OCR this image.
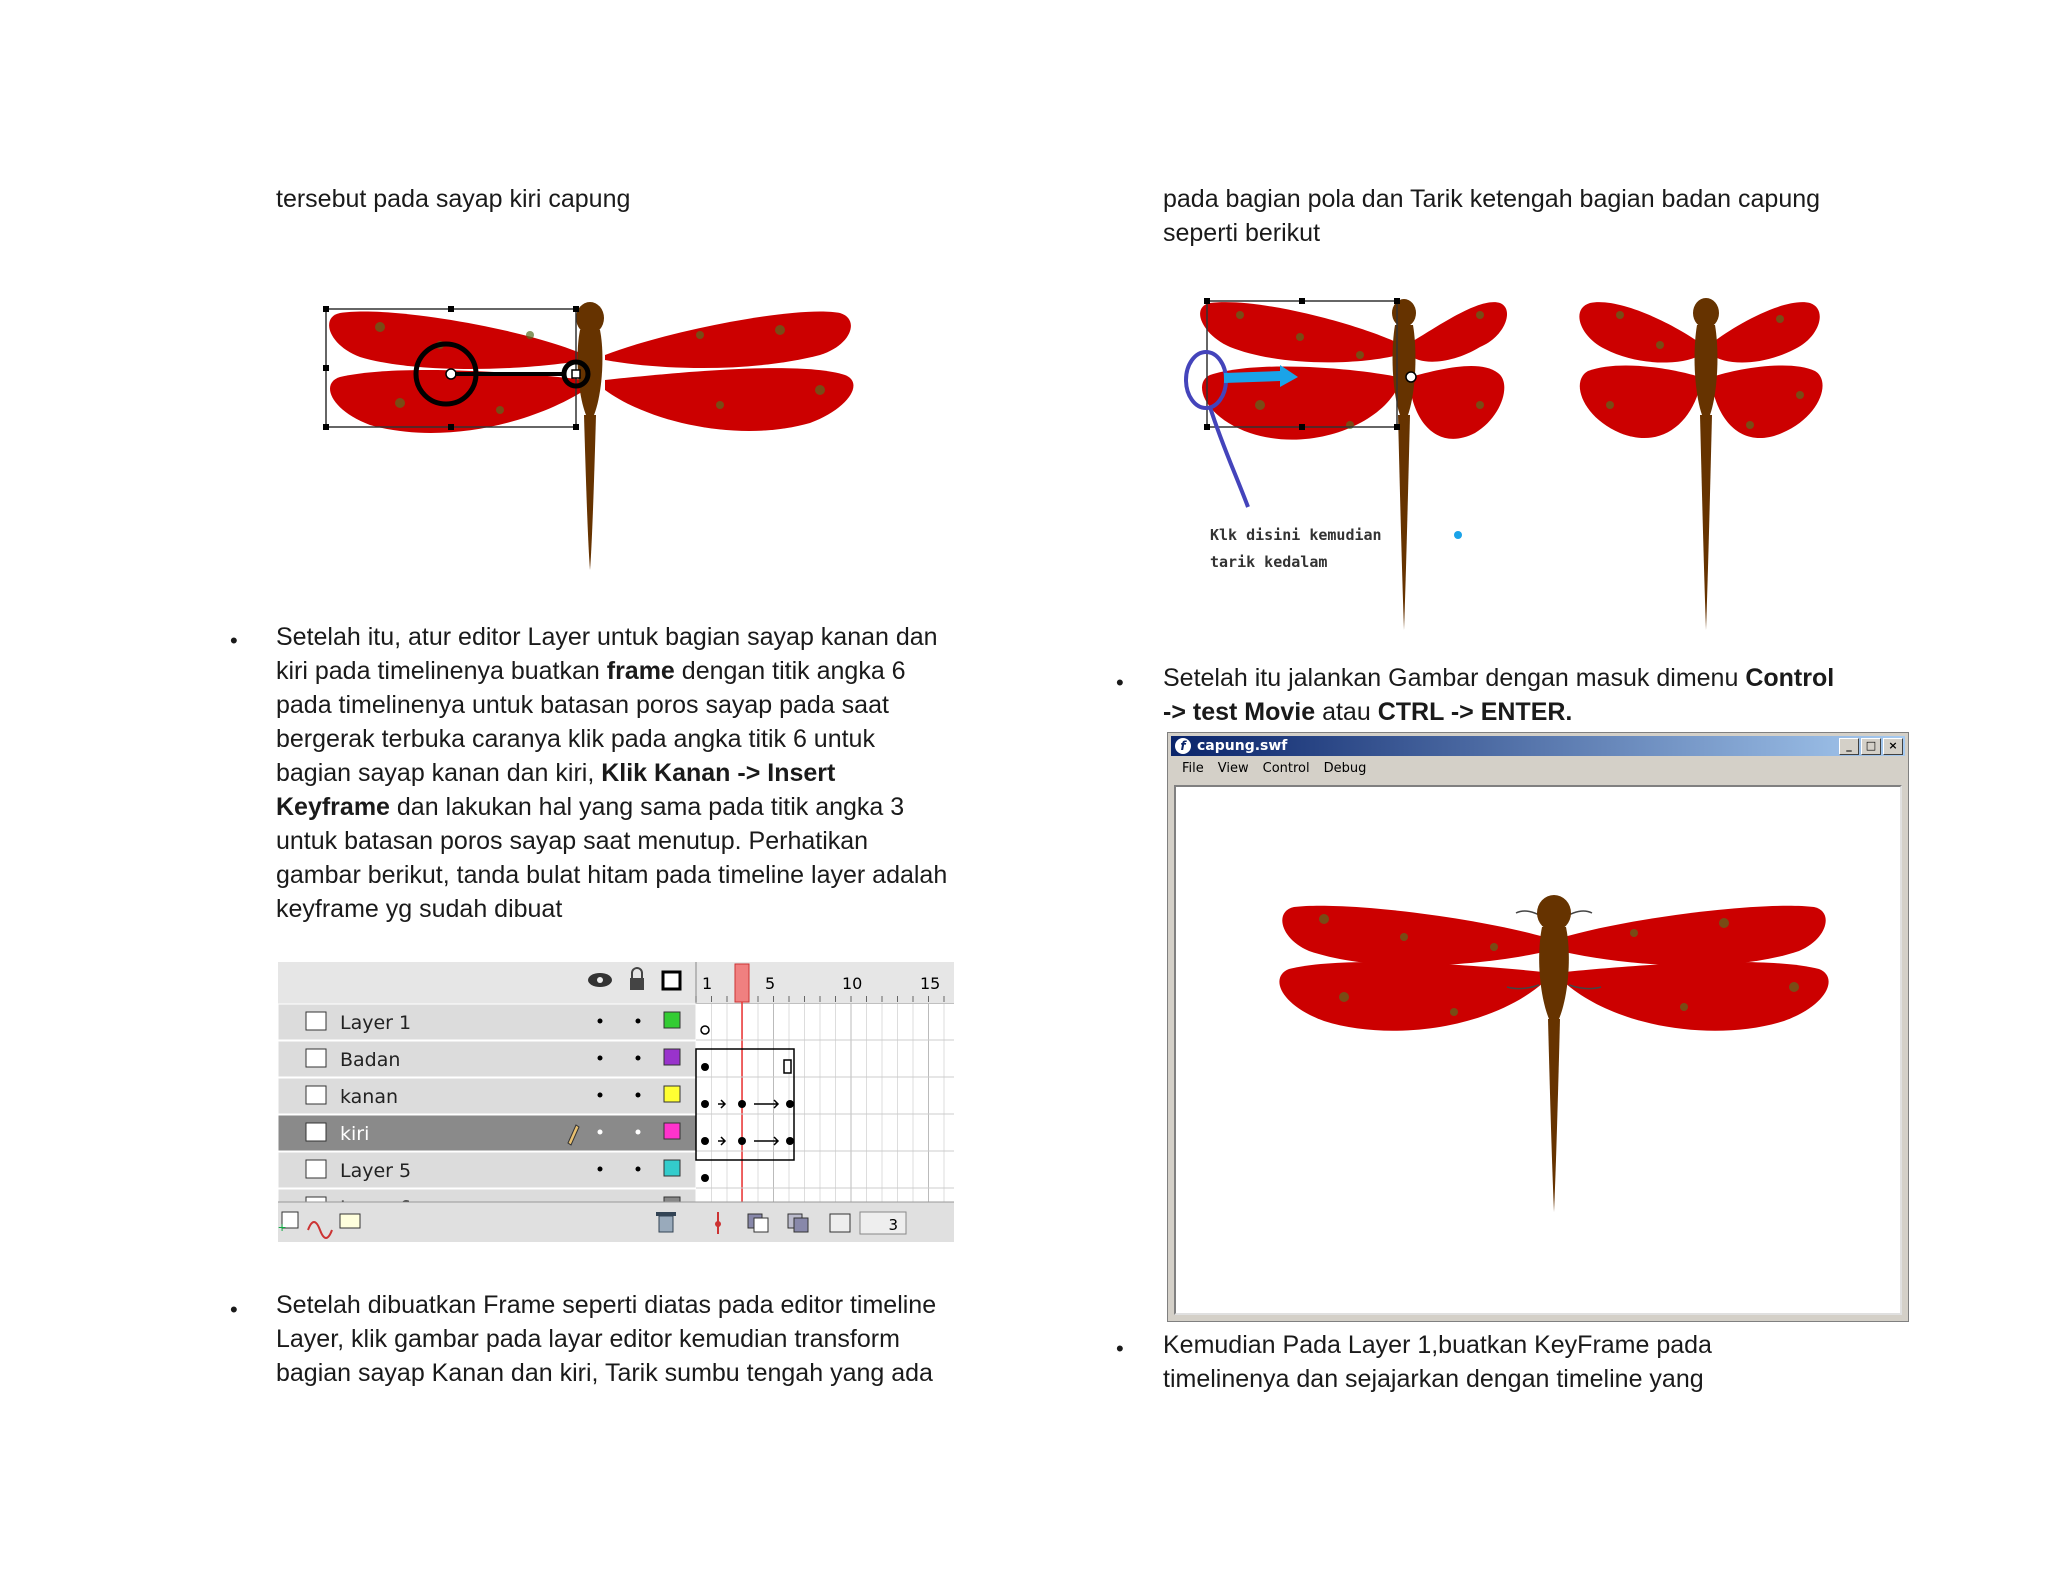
tersebut pada sayap kiri capung
• Setelah itu, atur editor Layer untuk bagian sayap kanan dan
kiri pada timelinenya buatkan frame dengan titik angka 6
pada timelinenya untuk batasan poros sayap pada saat
bergerak terbuka caranya klik pada angka titik 6 untuk
bagian sayap kanan dan kiri, Klik Kanan -> Insert
Keyframe dan lakukan hal yang sama pada titik angka 3
untuk batasan poros sayap saat menutup. Perhatikan
gambar berikut, tanda bulat hitam pada timeline layer adalah
keyframe yg sudah dibuat
1	5	10	15
Layer 1
Badan
kanan
kiri
Layer 5
+	3
• Setelah dibuatkan Frame seperti diatas pada editor timeline
Layer, klik gambar pada layar editor kemudian transform
bagian sayap Kanan dan kiri, Tarik sumbu tengah yang ada
pada bagian pola dan Tarik ketengah bagian badan capung
seperti berikut
Klk disini kemudian
tarik kedalam
• Setelah itu jalankan Gambar dengan masuk dimenu Control
-> test Movie atau CTRL -> ENTER.
f capung.swf	_	□	×
File View Control Debug
• Kemudian Pada Layer 1,buatkan KeyFrame pada
timelinenya dan sejajarkan dengan timeline yang
